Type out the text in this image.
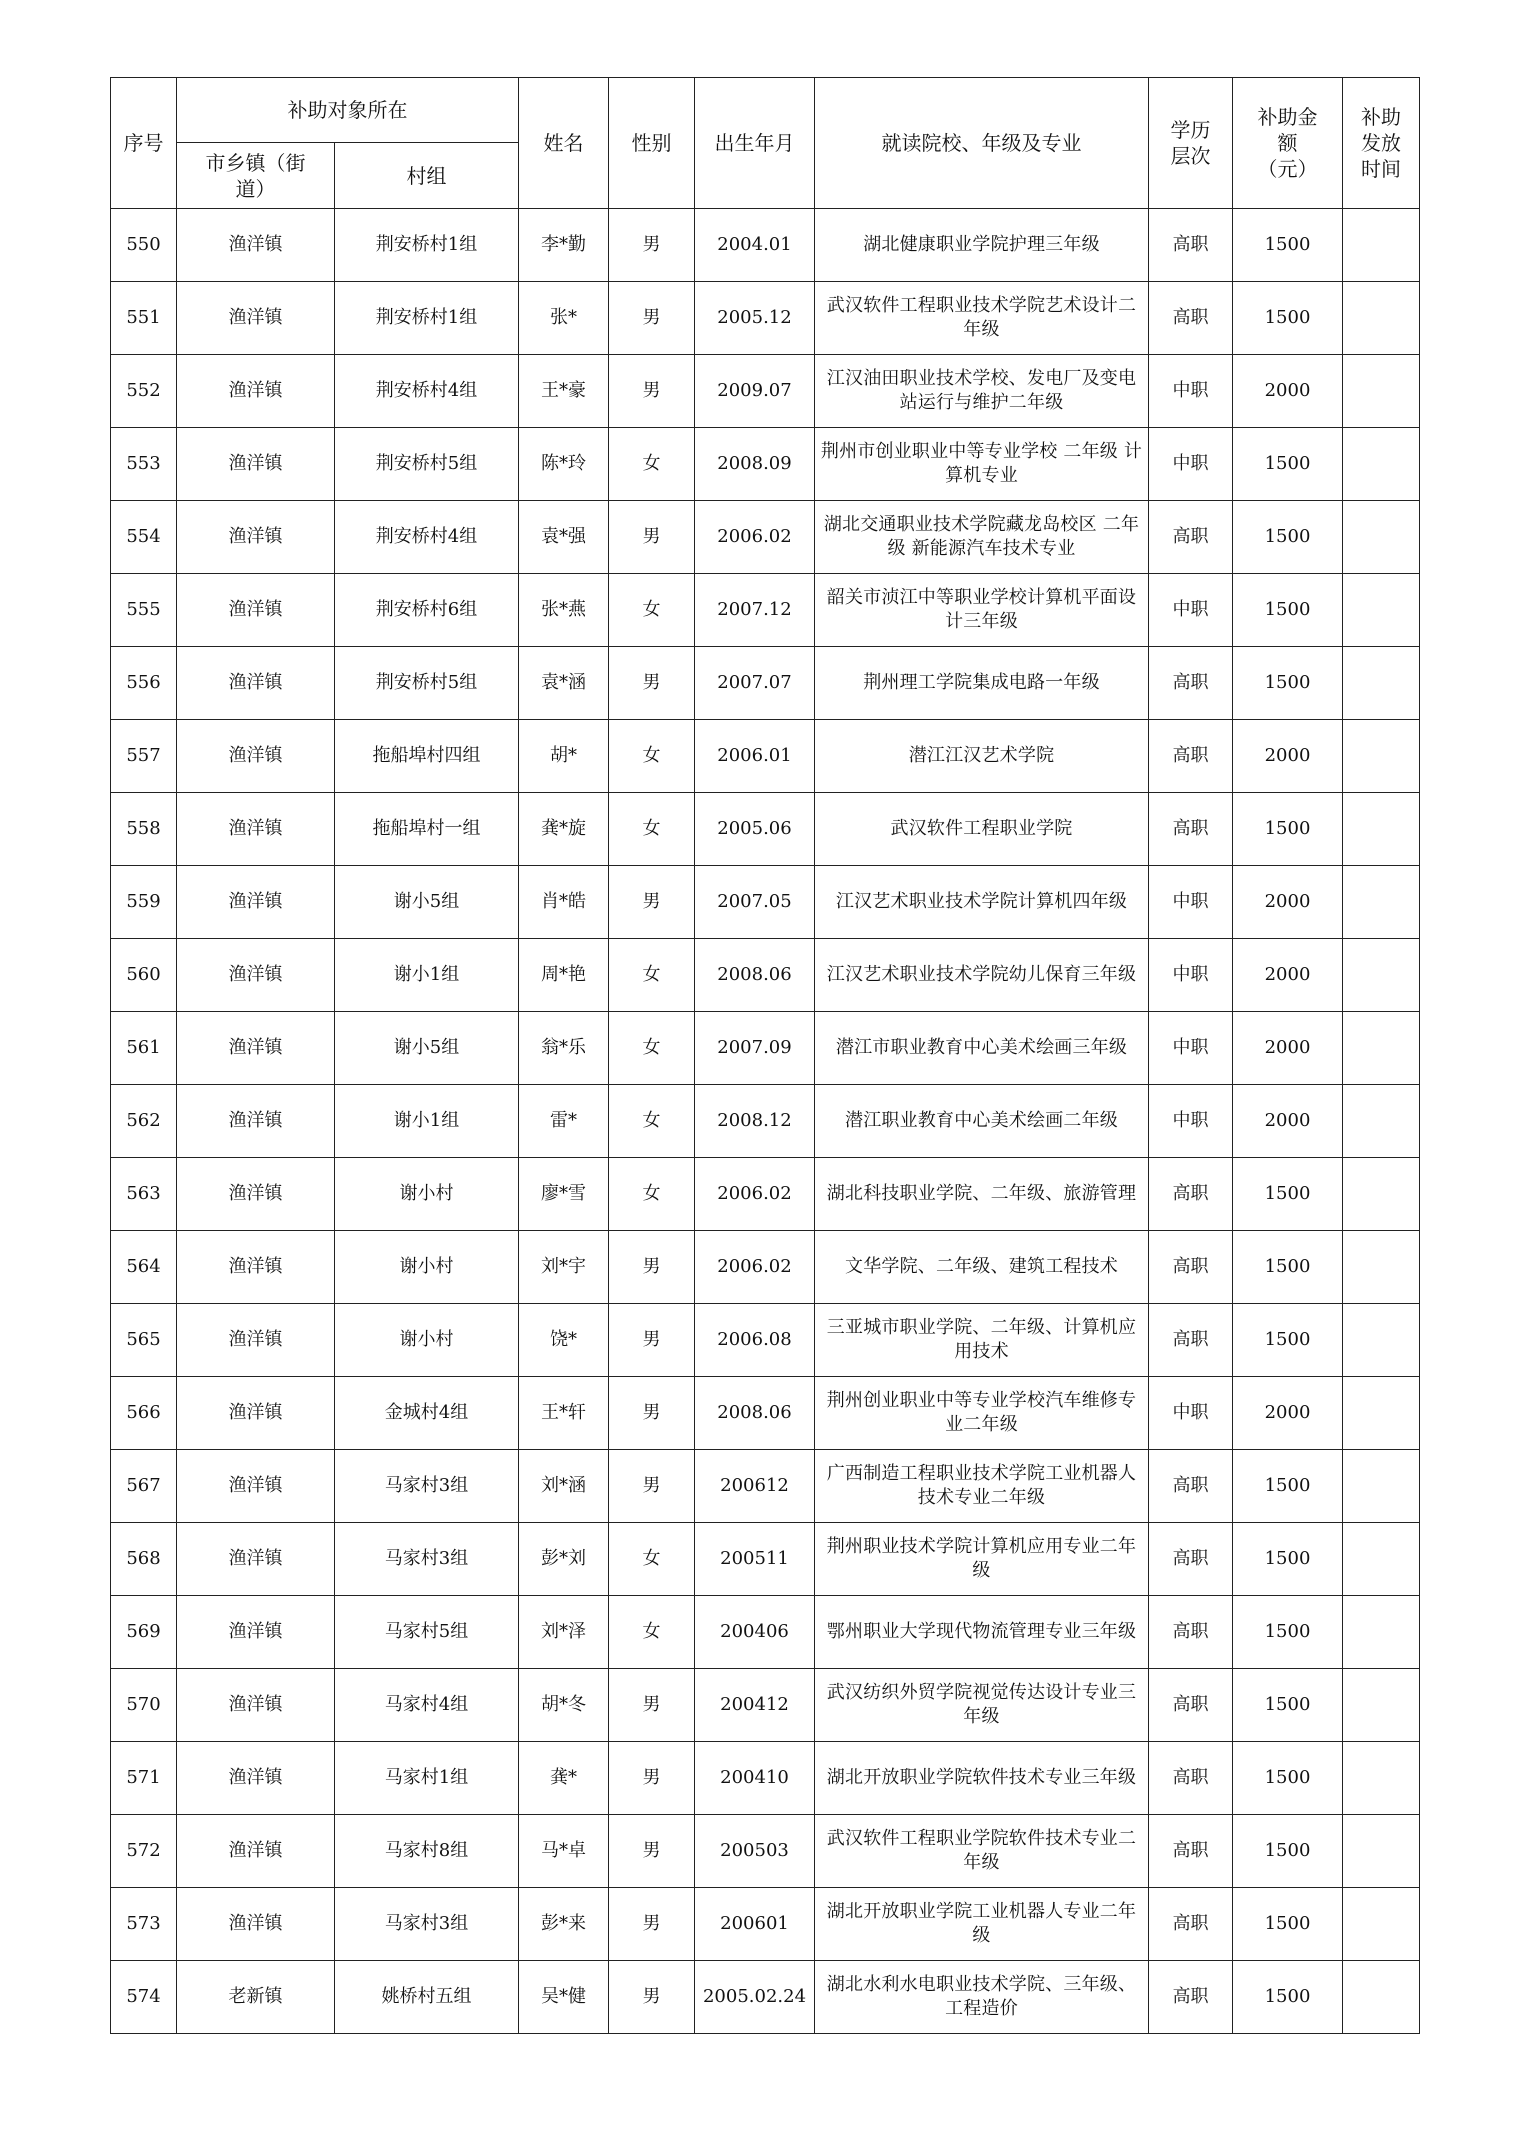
序号	补助对象所在		姓名	性别	出生年月	就读院校、年级及专业	学历层次	补助金额（元）	补助发放时间
	市乡镇（街道）	村组							
550	渔洋镇	荆安桥村1组	李*勤	男	2004.01	湖北健康职业学院护理三年级	高职	1500	
551	渔洋镇	荆安桥村1组	张*	男	2005.12	武汉软件工程职业技术学院艺术设计二年级	高职	1500	
552	渔洋镇	荆安桥村4组	王*豪	男	2009.07	江汉油田职业技术学校、发电厂及变电站运行与维护二年级	中职	2000	
553	渔洋镇	荆安桥村5组	陈*玲	女	2008.09	荆州市创业职业中等专业学校 二年级 计算机专业	中职	1500	
554	渔洋镇	荆安桥村4组	袁*强	男	2006.02	湖北交通职业技术学院藏龙岛校区 二年级 新能源汽车技术专业	高职	1500	
555	渔洋镇	荆安桥村6组	张*燕	女	2007.12	韶关市浈江中等职业学校计算机平面设计三年级	中职	1500	
556	渔洋镇	荆安桥村5组	袁*涵	男	2007.07	荆州理工学院集成电路一年级	高职	1500	
557	渔洋镇	拖船埠村四组	胡*	女	2006.01	潜江江汉艺术学院	高职	2000	
558	渔洋镇	拖船埠村一组	龚*旋	女	2005.06	武汉软件工程职业学院	高职	1500	
559	渔洋镇	谢小5组	肖*皓	男	2007.05	江汉艺术职业技术学院计算机四年级	中职	2000	
560	渔洋镇	谢小1组	周*艳	女	2008.06	江汉艺术职业技术学院幼儿保育三年级	中职	2000	
561	渔洋镇	谢小5组	翁*乐	女	2007.09	潜江市职业教育中心美术绘画三年级	中职	2000	
562	渔洋镇	谢小1组	雷*	女	2008.12	潜江职业教育中心美术绘画二年级	中职	2000	
563	渔洋镇	谢小村	廖*雪	女	2006.02	湖北科技职业学院、二年级、旅游管理	高职	1500	
564	渔洋镇	谢小村	刘*宇	男	2006.02	文华学院、二年级、建筑工程技术	高职	1500	
565	渔洋镇	谢小村	饶*	男	2006.08	三亚城市职业学院、二年级、计算机应用技术	高职	1500	
566	渔洋镇	金城村4组	王*轩	男	2008.06	荆州创业职业中等专业学校汽车维修专业二年级	中职	2000	
567	渔洋镇	马家村3组	刘*涵	男	200612	广西制造工程职业技术学院工业机器人技术专业二年级	高职	1500	
568	渔洋镇	马家村3组	彭*刘	女	200511	荆州职业技术学院计算机应用专业二年级	高职	1500	
569	渔洋镇	马家村5组	刘*泽	女	200406	鄂州职业大学现代物流管理专业三年级	高职	1500	
570	渔洋镇	马家村4组	胡*冬	男	200412	武汉纺织外贸学院视觉传达设计专业三年级	高职	1500	
571	渔洋镇	马家村1组	龚*	男	200410	湖北开放职业学院软件技术专业三年级	高职	1500	
572	渔洋镇	马家村8组	马*卓	男	200503	武汉软件工程职业学院软件技术专业二年级	高职	1500	
573	渔洋镇	马家村3组	彭*来	男	200601	湖北开放职业学院工业机器人专业二年级	高职	1500	
574	老新镇	姚桥村五组	吴*健	男	2005.02.24	湖北水利水电职业技术学院、三年级、工程造价	高职	1500	
